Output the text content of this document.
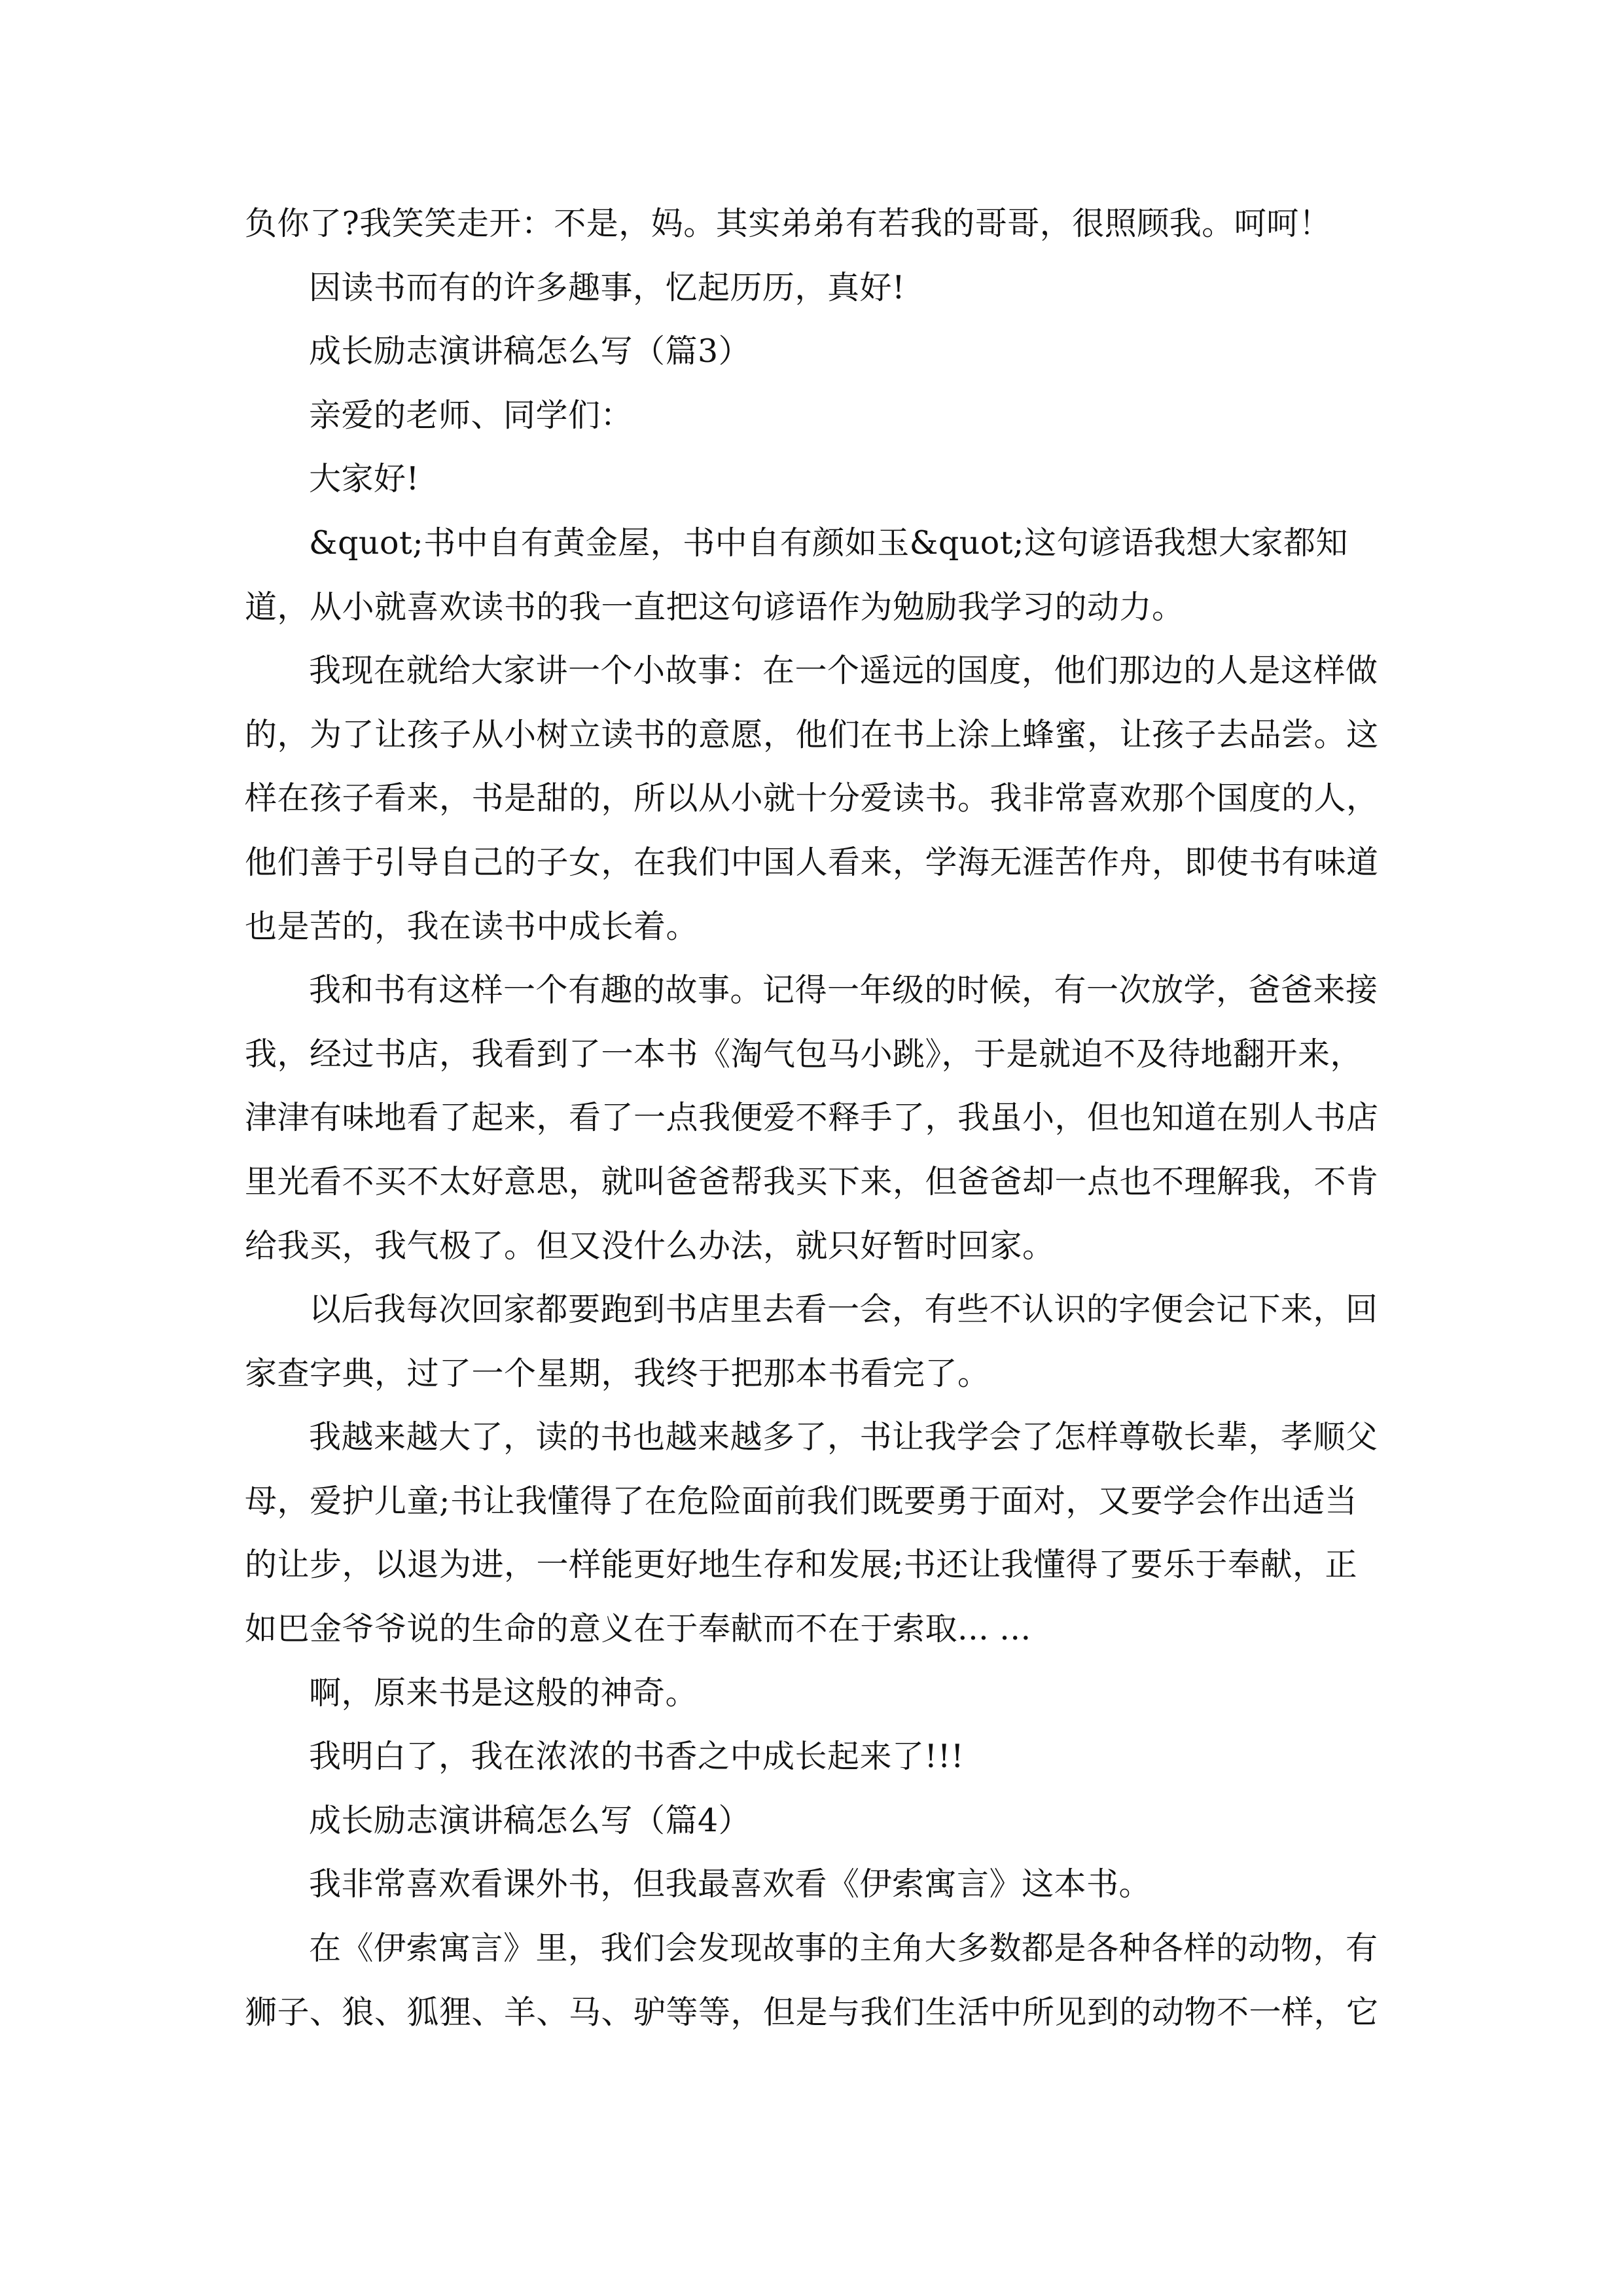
负你了?我笑笑走开：不是，妈。其实弟弟有若我的哥哥，很照顾我。呵呵！

因读书而有的许多趣事，忆起历历，真好!

成长励志演讲稿怎么写（篇3）

亲爱的老师、同学们：

大家好!

&quot;书中自有黄金屋，书中自有颜如玉&quot;这句谚语我想大家都知道，从小就喜欢读书的我一直把这句谚语作为勉励我学习的动力。

我现在就给大家讲一个小故事：在一个遥远的国度，他们那边的人是这样做的，为了让孩子从小树立读书的意愿，他们在书上涂上蜂蜜，让孩子去品尝。这样在孩子看来，书是甜的，所以从小就十分爱读书。我非常喜欢那个国度的人，他们善于引导自己的子女，在我们中国人看来，学海无涯苦作舟，即使书有味道也是苦的，我在读书中成长着。

我和书有这样一个有趣的故事。记得一年级的时候，有一次放学，爸爸来接我，经过书店，我看到了一本书《淘气包马小跳》，于是就迫不及待地翻开来，津津有味地看了起来，看了一点我便爱不释手了，我虽小，但也知道在别人书店里光看不买不太好意思，就叫爸爸帮我买下来，但爸爸却一点也不理解我，不肯给我买，我气极了。但又没什么办法，就只好暂时回家。

以后我每次回家都要跑到书店里去看一会，有些不认识的字便会记下来，回家查字典，过了一个星期，我终于把那本书看完了。

我越来越大了，读的书也越来越多了，书让我学会了怎样尊敬长辈，孝顺父母，爱护儿童;书让我懂得了在危险面前我们既要勇于面对，又要学会作出适当的让步，以退为进，一样能更好地生存和发展;书还让我懂得了要乐于奉献，正如巴金爷爷说的生命的意义在于奉献而不在于索取... ...

啊，原来书是这般的神奇。

我明白了，我在浓浓的书香之中成长起来了!!!

成长励志演讲稿怎么写（篇4）

我非常喜欢看课外书，但我最喜欢看《伊索寓言》这本书。

在《伊索寓言》里，我们会发现故事的主角大多数都是各种各样的动物，有狮子、狼、狐狸、羊、马、驴等等，但是与我们生活中所见到的动物不一样，它
